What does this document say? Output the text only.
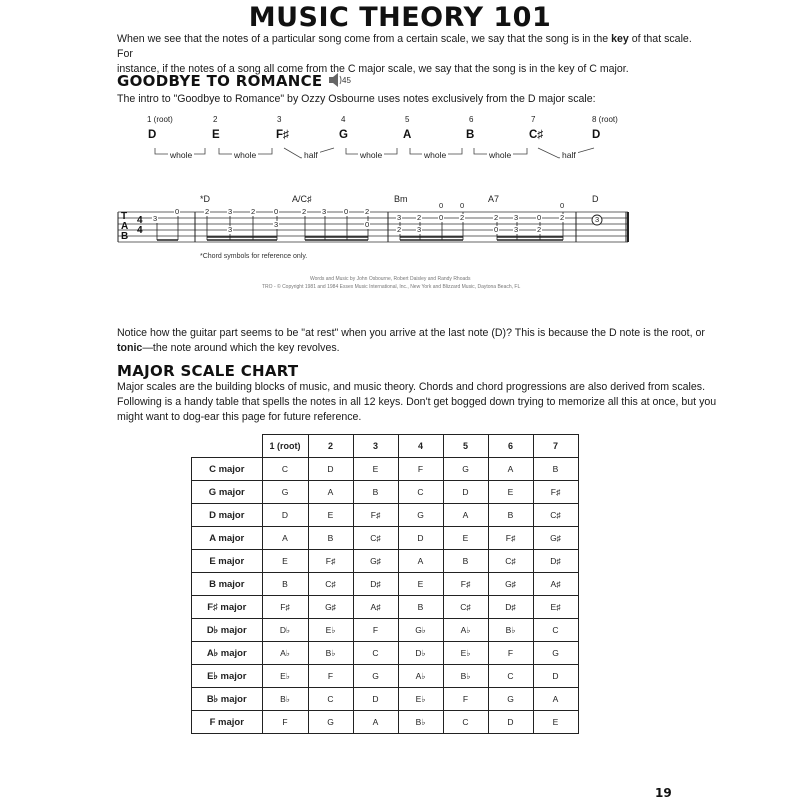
MUSIC THEORY 101
When we see that the notes of a particular song come from a certain scale, we say that the song is in the key of that scale. For
instance, if the notes of a song all come from the C major scale, we say that the song is in the key of C major.
GOODBYE TO ROMANCE 45
The intro to "Goodbye to Romance" by Ozzy Osbourne uses notes exclusively from the D major scale:
1 (root)	2	3	4	5	6	7	8 (root)
D	E	F♯	G	A	B	C♯	D
whole	whole	half	whole	whole	whole	half
T
A
B
4
4
*D	A/C♯	Bm	A7	D
3
0	2	3	2	0	2 3 0 2
3	0
3 2 0 2
0
3
0
2 3	0	2
3
0
2
0
2
3
3
*Chord symbols for reference only.
Words and Music by John Osbourne, Robert Daisley and Randy Rhoads
TRO - © Copyright 1981 and 1984 Essex Music International, Inc., New York and Blizzard Music, Daytona Beach, FL
Notice how the guitar part seems to be "at rest" when you arrive at the last note (D)? This is because the D note is the root, or
tonic—the note around which the key revolves.
MAJOR SCALE CHART
Major scales are the building blocks of music, and music theory. Chords and chord progressions are also derived from scales.
Following is a handy table that spells the notes in all 12 keys. Don't get bogged down trying to memorize all this at once, but you
might want to dog-ear this page for future reference.
	1 (root)	2	3	4	5	6	7
C major	C	D	E	F	G	A	B
G major	G	A	B	C	D	E	F♯
D major	D	E	F♯	G	A	B	C♯
A major	A	B	C♯	D	E	F♯	G♯
E major	E	F♯	G♯	A	B	C♯	D♯
B major	B	C♯	D♯	E	F♯	G♯	A♯
F♯ major	F♯	G♯	A♯	B	C♯	D♯	E♯
D♭ major	D♭	E♭	F	G♭	A♭	B♭	C
A♭ major	A♭	B♭	C	D♭	E♭	F	G
E♭ major	E♭	F	G	A♭	B♭	C	D
B♭ major	B♭	C	D	E♭	F	G	A
F major	F	G	A	B♭	C	D	E
19
